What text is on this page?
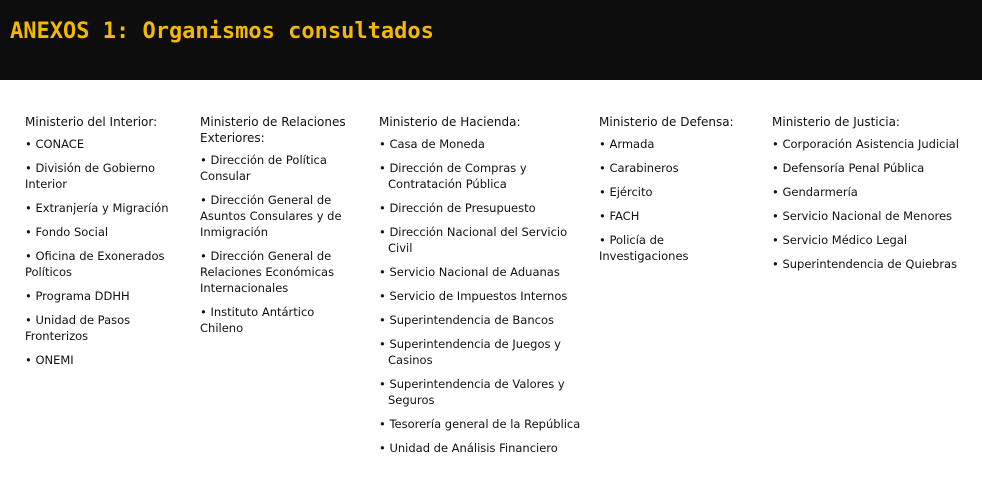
ANEXOS 1: Organismos consultados
Ministerio del Interior:
• CONACE
• División de Gobierno Interior
• Extranjería y Migración
• Fondo Social
• Oficina de Exonerados Políticos
• Programa DDHH
• Unidad de Pasos Fronterizos
• ONEMI
Ministerio de Relaciones Exteriores:
• Dirección de Política Consular
• Dirección General de Asuntos Consulares y de Inmigración
• Dirección General de Relaciones Económicas Internacionales
• Instituto Antártico Chileno
Ministerio de Hacienda:
• Casa de Moneda
• Dirección de Compras y Contratación Pública
• Dirección de Presupuesto
• Dirección Nacional del Servicio Civil
• Servicio Nacional de Aduanas
• Servicio de Impuestos Internos
• Superintendencia de Bancos
• Superintendencia de Juegos y Casinos
• Superintendencia de Valores y Seguros
• Tesorería general de la República
• Unidad de Análisis Financiero
Ministerio de Defensa:
• Armada
• Carabineros
• Ejército
• FACH
• Policía de Investigaciones
Ministerio de Justicia:
• Corporación Asistencia Judicial
• Defensoría Penal Pública
• Gendarmería
• Servicio Nacional de Menores
• Servicio Médico Legal
• Superintendencia de Quiebras
